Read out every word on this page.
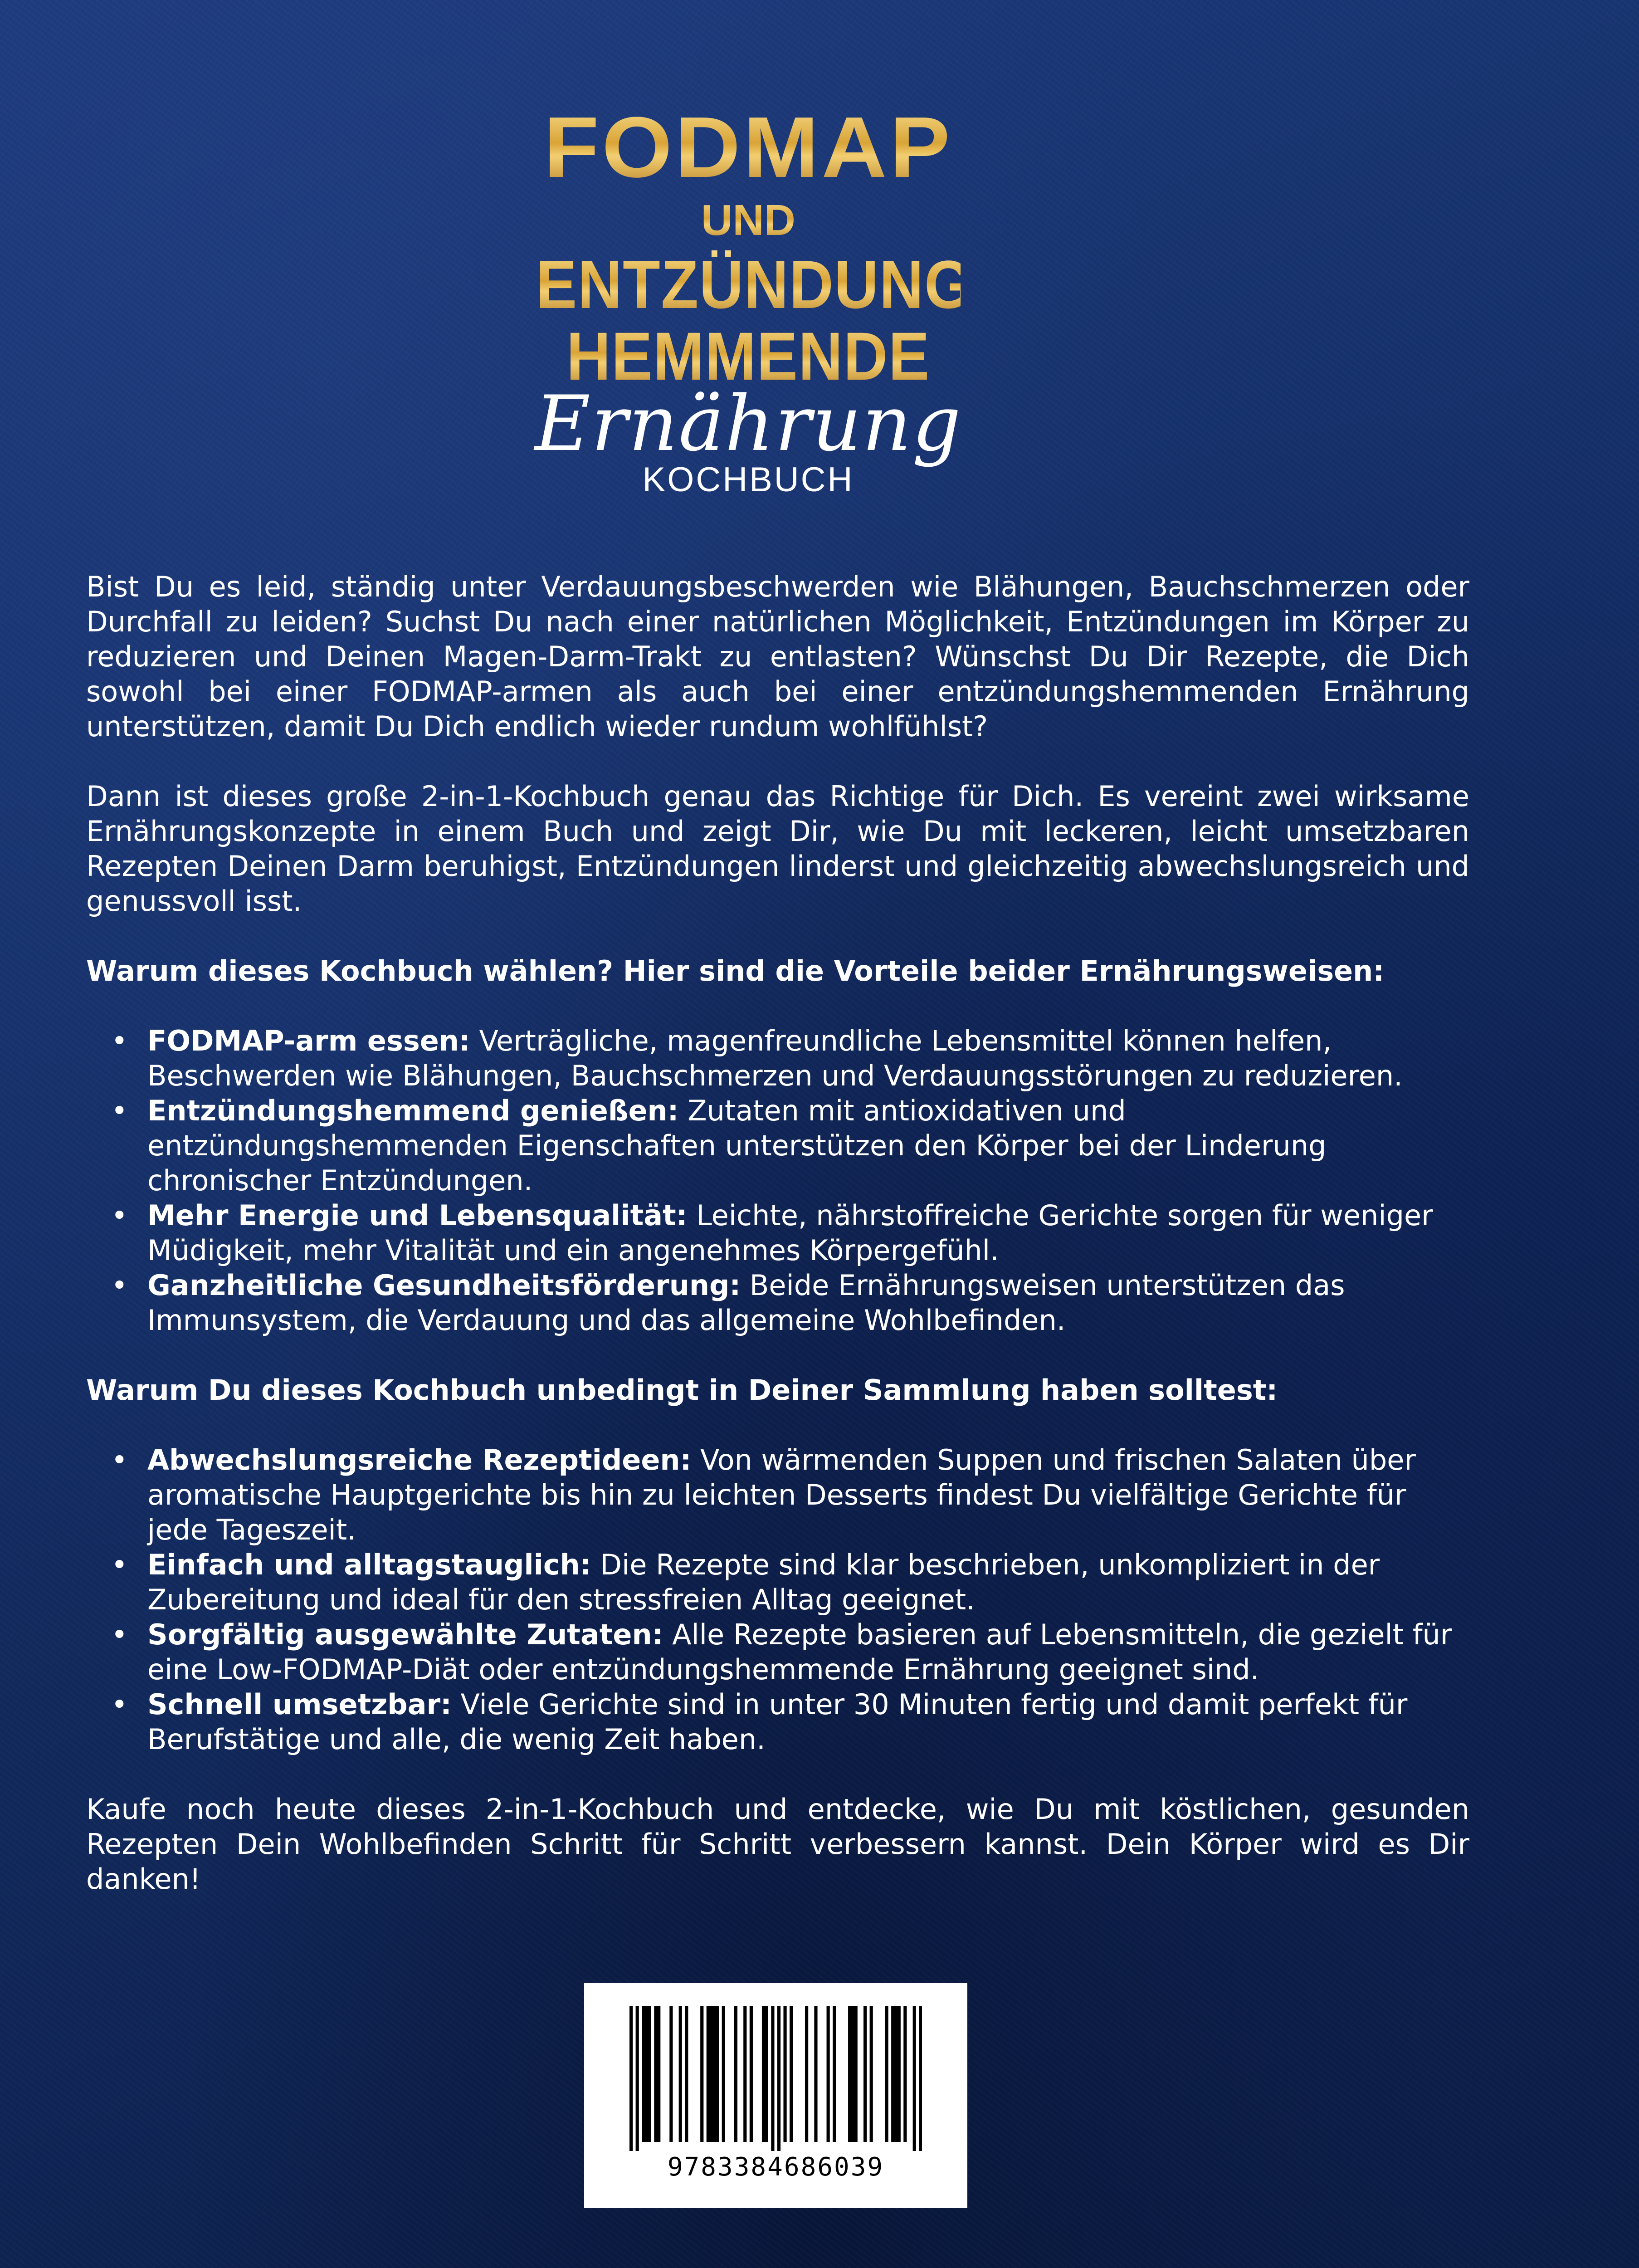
FODMAP
UND
ENTZÜNDUNGS
HEMMENDE
Ernährung
KOCHBUCH

Bist Du es leid, ständig unter Verdauungsbeschwerden wie Blähungen, Bauchschmerzen oder Durchfall zu leiden? Suchst Du nach einer natürlichen Möglichkeit, Entzündungen im Körper zu reduzieren und Deinen Magen-Darm-Trakt zu entlasten? Wünschst Du Dir Rezepte, die Dich sowohl bei einer FODMAP-armen als auch bei einer entzündungshemmenden Ernährung unterstützen, damit Du Dich endlich wieder rundum wohlfühlst?

Dann ist dieses große 2-in-1-Kochbuch genau das Richtige für Dich. Es vereint zwei wirksame Ernährungskonzepte in einem Buch und zeigt Dir, wie Du mit leckeren, leicht umsetzbaren Rezepten Deinen Darm beruhigst, Entzündungen linderst und gleichzeitig abwechslungsreich und genussvoll isst.

Warum dieses Kochbuch wählen? Hier sind die Vorteile beider Ernährungsweisen:

• FODMAP-arm essen: Verträgliche, magenfreundliche Lebensmittel können helfen, Beschwerden wie Blähungen, Bauchschmerzen und Verdauungsstörungen zu reduzieren.
• Entzündungshemmend genießen: Zutaten mit antioxidativen und entzündungshemmenden Eigenschaften unterstützen den Körper bei der Linderung chronischer Entzündungen.
• Mehr Energie und Lebensqualität: Leichte, nährstoffreiche Gerichte sorgen für weniger Müdigkeit, mehr Vitalität und ein angenehmes Körpergefühl.
• Ganzheitliche Gesundheitsförderung: Beide Ernährungsweisen unterstützen das Immunsystem, die Verdauung und das allgemeine Wohlbefinden.

Warum Du dieses Kochbuch unbedingt in Deiner Sammlung haben solltest:

• Abwechslungsreiche Rezeptideen: Von wärmenden Suppen und frischen Salaten über aromatische Hauptgerichte bis hin zu leichten Desserts findest Du vielfältige Gerichte für jede Tageszeit.
• Einfach und alltagstauglich: Die Rezepte sind klar beschrieben, unkompliziert in der Zubereitung und ideal für den stressfreien Alltag geeignet.
• Sorgfältig ausgewählte Zutaten: Alle Rezepte basieren auf Lebensmitteln, die gezielt für eine Low-FODMAP-Diät oder entzündungshemmende Ernährung geeignet sind.
• Schnell umsetzbar: Viele Gerichte sind in unter 30 Minuten fertig und damit perfekt für Berufstätige und alle, die wenig Zeit haben.

Kaufe noch heute dieses 2-in-1-Kochbuch und entdecke, wie Du mit köstlichen, gesunden Rezepten Dein Wohlbefinden Schritt für Schritt verbessern kannst. Dein Körper wird es Dir danken!

9783384686039
